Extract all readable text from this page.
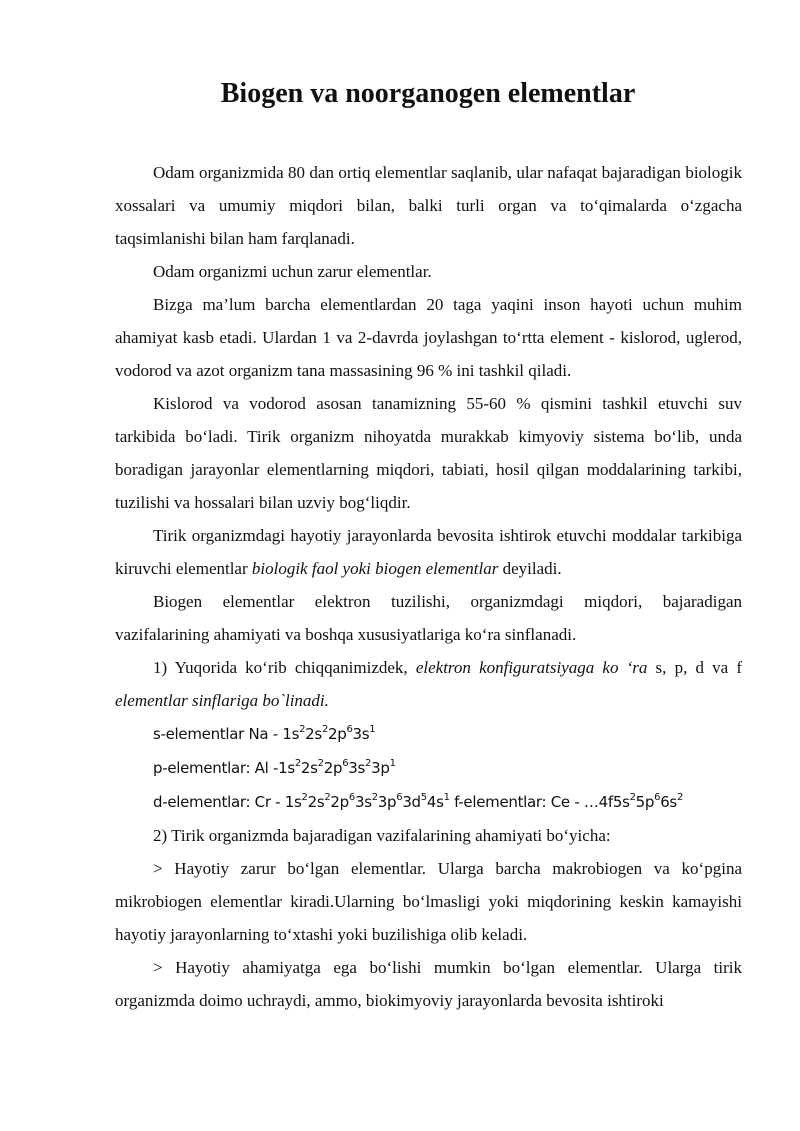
Biogen va noorganogen elementlar

Odam organizmida 80 dan ortiq elementlar saqlanib, ular nafaqat bajaradigan biologik xossalari va umumiy miqdori bilan, balki turli organ va to‘qimalarda o‘zgacha taqsimlanishi bilan ham farqlanadi.

Odam organizmi uchun zarur elementlar.

Bizga ma’lum barcha elementlardan 20 taga yaqini inson hayoti uchun muhim ahamiyat kasb etadi. Ulardan 1 va 2-davrda joylashgan to‘rtta element - kislorod, uglerod, vodorod va azot organizm tana massasining 96 % ini tashkil qiladi.

Kislorod va vodorod asosan tanamizning 55-60 % qismini tashkil etuvchi suv tarkibida bo‘ladi. Tirik organizm nihoyatda murakkab kimyoviy sistema bo‘lib, unda boradigan jarayonlar elementlarning miqdori, tabiati, hosil qilgan moddalarining tarkibi, tuzilishi va hossalari bilan uzviy bog‘liqdir.

Tirik organizmdagi hayotiy jarayonlarda bevosita ishtirok etuvchi moddalar tarkibiga kiruvchi elementlar biologik faol yoki biogen elementlar deyiladi.

Biogen elementlar elektron tuzilishi, organizmdagi miqdori, bajaradigan vazifalarining ahamiyati va boshqa xususiyatlariga ko‘ra sinflanadi.

1) Yuqorida ko‘rib chiqqanimizdek, elektron konfiguratsiyaga ko ‘ra s, p, d va f elementlar sinflariga bo`linadi.

s-elementlar Na - $1s^22s^22p^63s^1$

p-elementlar: Al $-1s^22s^22p^63s^23p^1$

d-elementlar: Cr - $1s^22s^22p^63s^23p^63d^54s^1$ f-elementlar: Ce - $\dots 4f5s^25p^66s^2$

2) Tirik organizmda bajaradigan vazifalarining ahamiyati bo‘yicha:

> Hayotiy zarur bo‘lgan elementlar. Ularga barcha makrobiogen va ko‘pgina mikrobiogen elementlar kiradi.Ularning bo‘lmasligi yoki miqdorining keskin kamayishi hayotiy jarayonlarning to‘xtashi yoki buzilishiga olib keladi.

> Hayotiy ahamiyatga ega bo‘lishi mumkin bo‘lgan elementlar. Ularga tirik organizmda doimo uchraydi, ammo, biokimyoviy jarayonlarda bevosita ishtiroki
